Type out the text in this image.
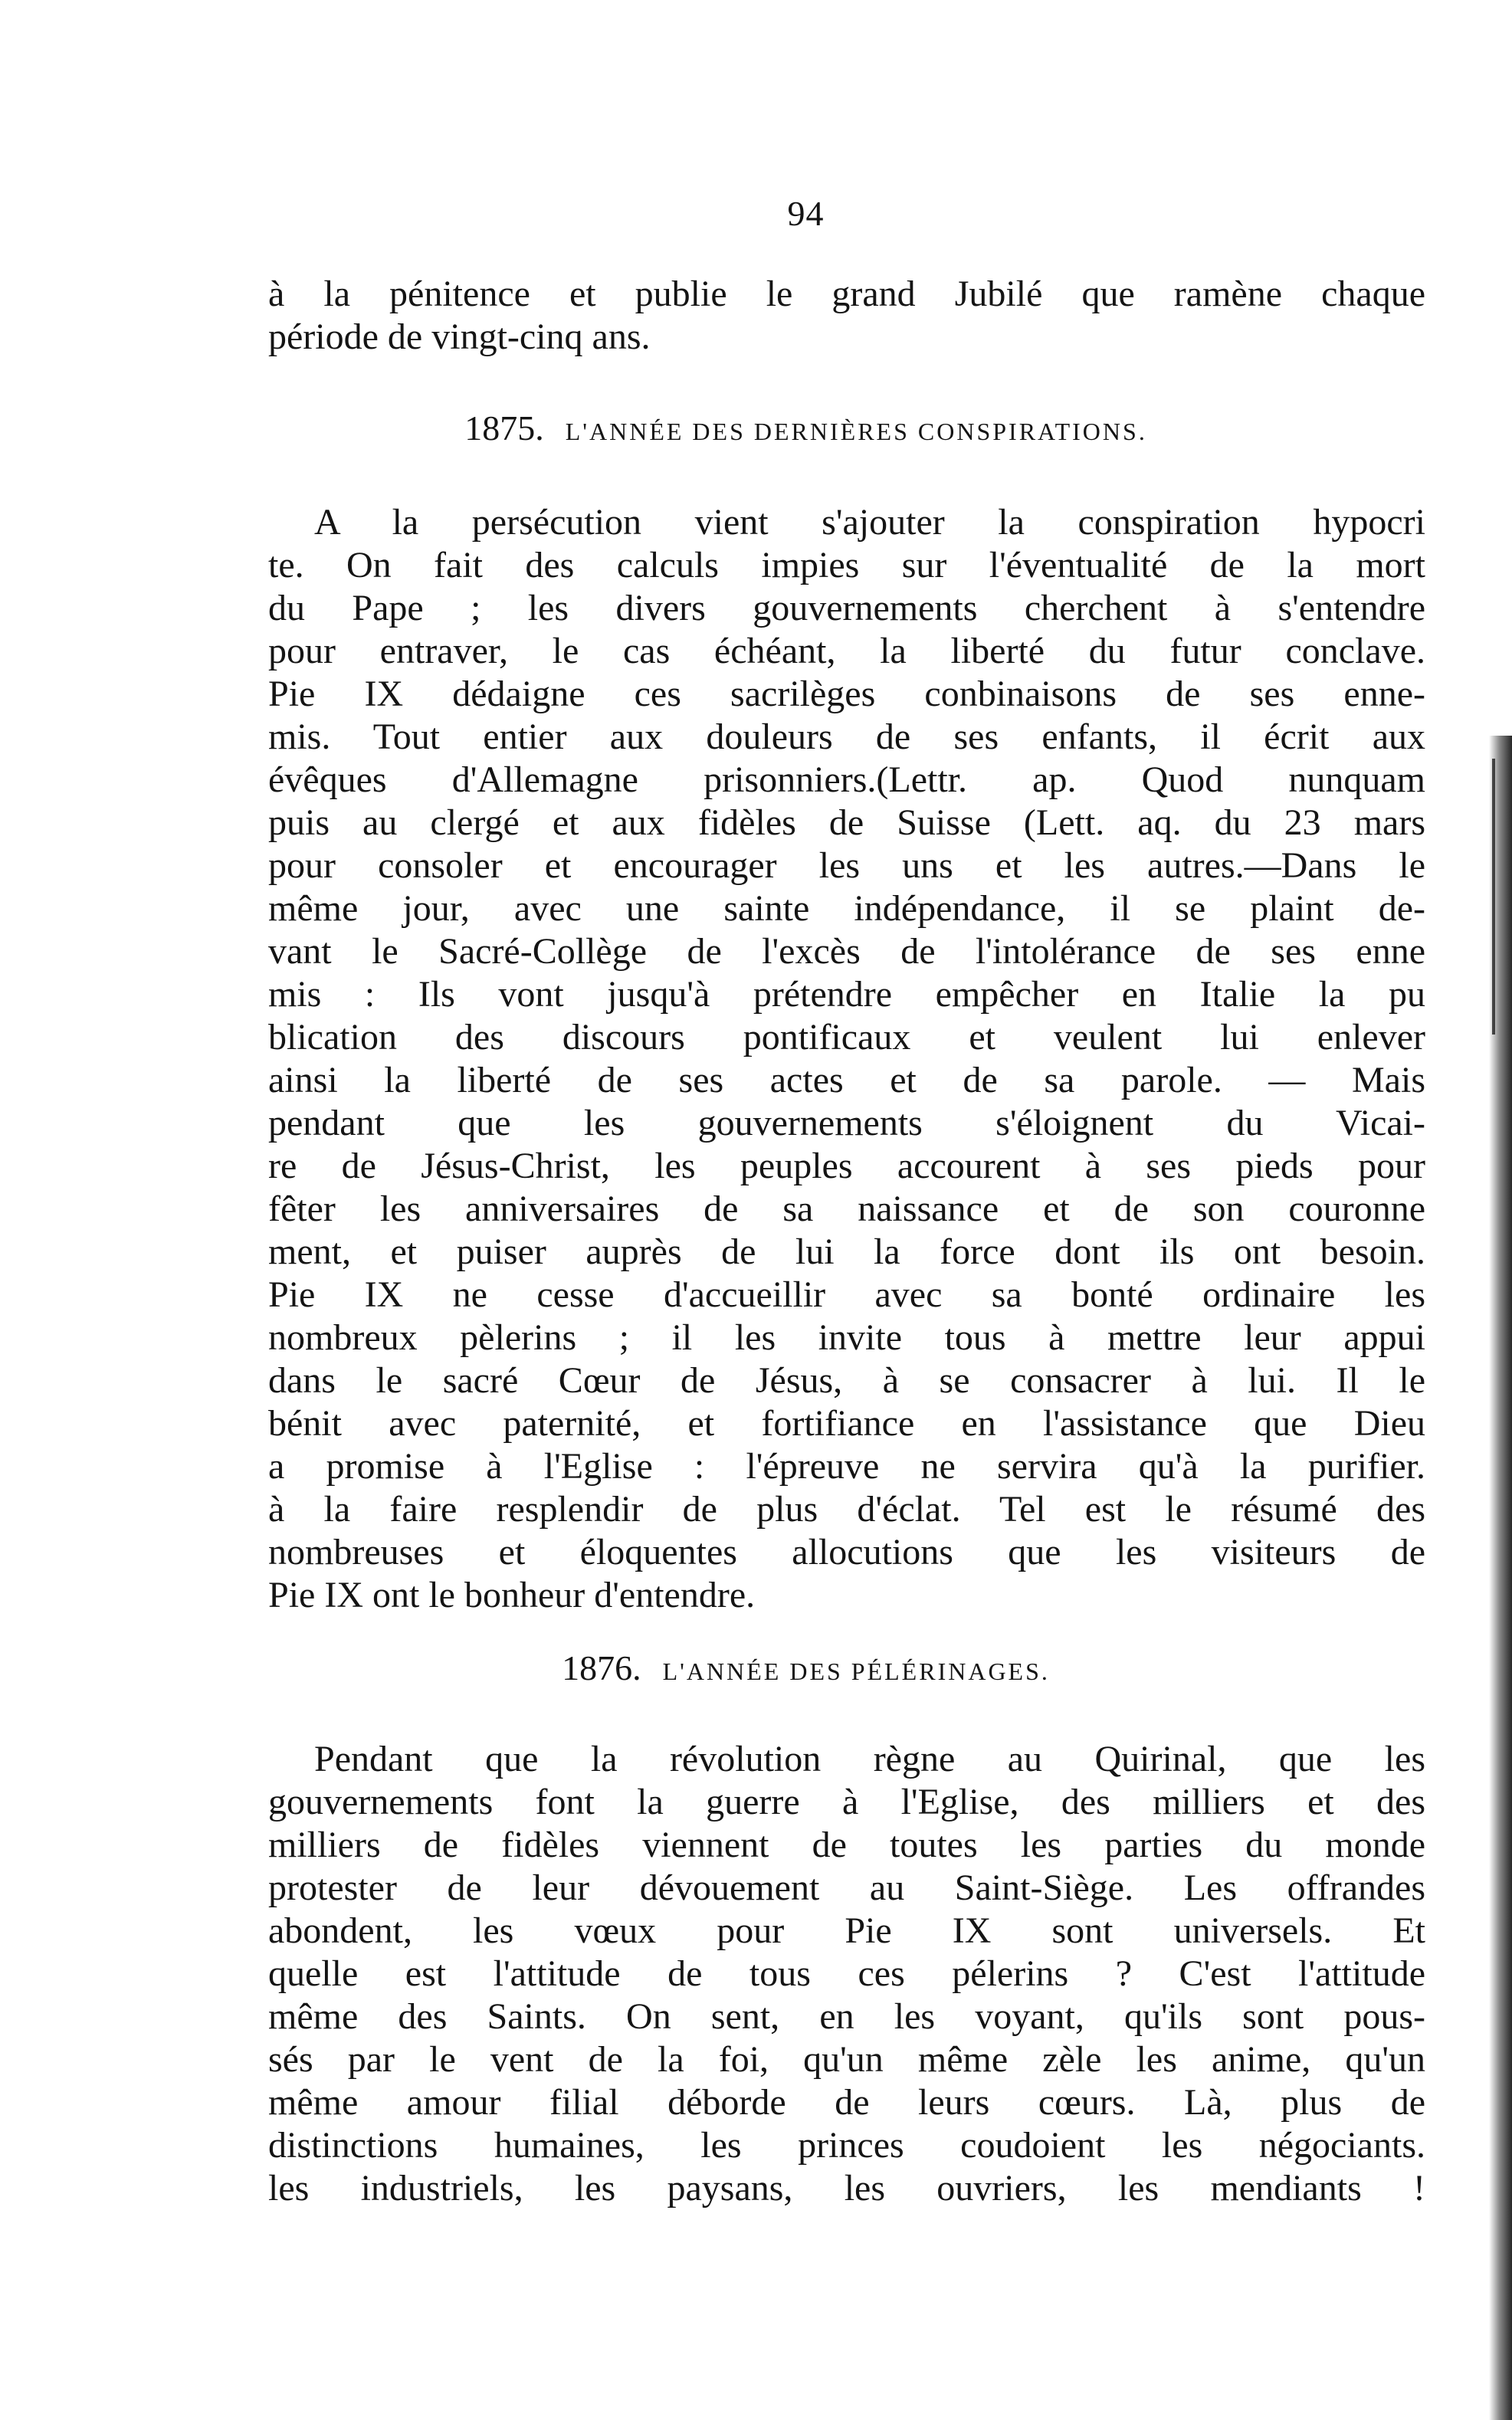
94
à la pénitence et publie le grand Jubilé que ramène chaque
période de vingt-cinq ans.
1875. L'ANNÉE DES DERNIÈRES CONSPIRATIONS.
A la persécution vient s'ajouter la conspiration hypocri
te. On fait des calculs impies sur l'éventualité de la mort
du Pape ; les divers gouvernements cherchent à s'entendre
pour entraver, le cas échéant, la liberté du futur conclave.
Pie IX dédaigne ces sacrilèges conbinaisons de ses enne-
mis. Tout entier aux douleurs de ses enfants, il écrit aux
évêques d'Allemagne prisonniers.(Lettr. ap. Quod nunquam
puis au clergé et aux fidèles de Suisse (Lett. aq. du 23 mars
pour consoler et encourager les uns et les autres.—Dans le
même jour, avec une sainte indépendance, il se plaint de-
vant le Sacré-Collège de l'excès de l'intolérance de ses enne
mis : Ils vont jusqu'à prétendre empêcher en Italie la pu
blication des discours pontificaux et veulent lui enlever
ainsi la liberté de ses actes et de sa parole. — Mais
pendant que les gouvernements s'éloignent du Vicai-
re de Jésus-Christ, les peuples accourent à ses pieds pour
fêter les anniversaires de sa naissance et de son couronne
ment, et puiser auprès de lui la force dont ils ont besoin.
Pie IX ne cesse d'accueillir avec sa bonté ordinaire les
nombreux pèlerins ; il les invite tous à mettre leur appui
dans le sacré Cœur de Jésus, à se consacrer à lui. Il le
bénit avec paternité, et fortifiance en l'assistance que Dieu
a promise à l'Eglise : l'épreuve ne servira qu'à la purifier.
à la faire resplendir de plus d'éclat. Tel est le résumé des
nombreuses et éloquentes allocutions que les visiteurs de
Pie IX ont le bonheur d'entendre.
1876. L'ANNÉE DES PÉLÉRINAGES.
Pendant que la révolution règne au Quirinal, que les
gouvernements font la guerre à l'Eglise, des milliers et des
milliers de fidèles viennent de toutes les parties du monde
protester de leur dévouement au Saint-Siège. Les offrandes
abondent, les vœux pour Pie IX sont universels. Et
quelle est l'attitude de tous ces pélerins ? C'est l'attitude
même des Saints. On sent, en les voyant, qu'ils sont pous-
sés par le vent de la foi, qu'un même zèle les anime, qu'un
même amour filial déborde de leurs cœurs. Là, plus de
distinctions humaines, les princes coudoient les négociants.
les industriels, les paysans, les ouvriers, les mendiants !
